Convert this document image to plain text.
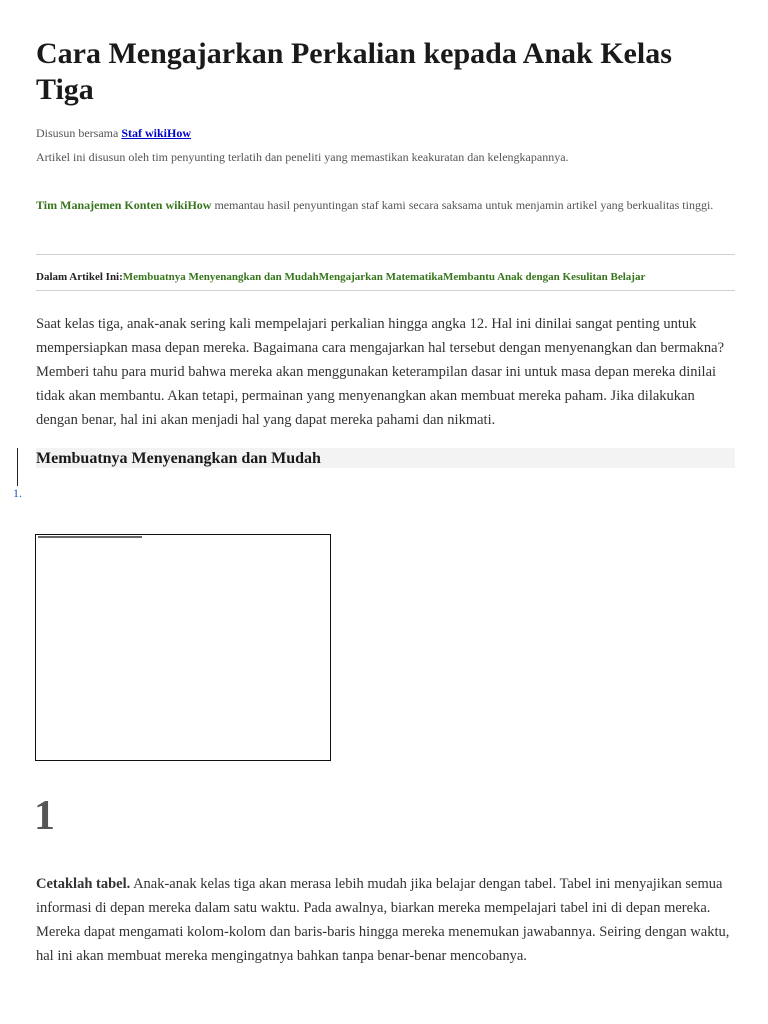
Cara Mengajarkan Perkalian kepada Anak Kelas Tiga
Disusun bersama Staf wikiHow
Artikel ini disusun oleh tim penyunting terlatih dan peneliti yang memastikan keakuratan dan kelengkapannya.
Tim Manajemen Konten wikiHow memantau hasil penyuntingan staf kami secara saksama untuk menjamin artikel yang berkualitas tinggi.
Dalam Artikel Ini:Membuatnya Menyenangkan dan MudahMengajarkan MatematikaMembantu Anak dengan Kesulitan Belajar

Saat kelas tiga, anak-anak sering kali mempelajari perkalian hingga angka 12. Hal ini dinilai sangat penting untuk mempersiapkan masa depan mereka. Bagaimana cara mengajarkan hal tersebut dengan menyenangkan dan bermakna? Memberi tahu para murid bahwa mereka akan menggunakan keterampilan dasar ini untuk masa depan mereka dinilai tidak akan membantu. Akan tetapi, permainan yang menyenangkan akan membuat mereka paham. Jika dilakukan dengan benar, hal ini akan menjadi hal yang dapat mereka pahami dan nikmati.

Membuatnya Menyenangkan dan Mudah
1.
1

Cetaklah tabel. Anak-anak kelas tiga akan merasa lebih mudah jika belajar dengan tabel. Tabel ini menyajikan semua informasi di depan mereka dalam satu waktu. Pada awalnya, biarkan mereka mempelajari tabel ini di depan mereka. Mereka dapat mengamati kolom-kolom dan baris-baris hingga mereka menemukan jawabannya. Seiring dengan waktu, hal ini akan membuat mereka mengingatnya bahkan tanpa benar-benar mencobanya.
